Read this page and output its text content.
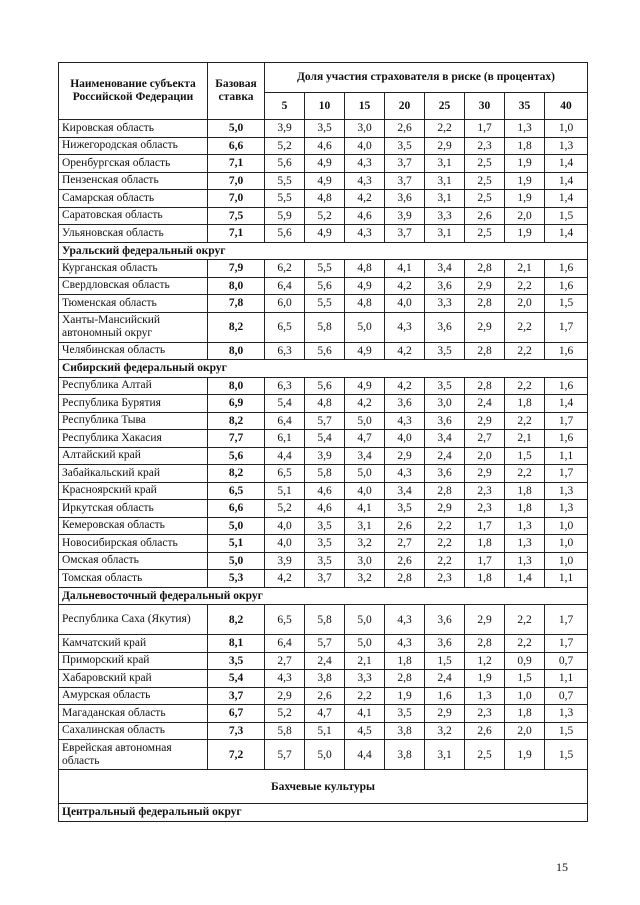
Наименование субъекта Российской Федерации	Базовая ставка	Доля участия страхователя в риске (в процентах)							
		5	10	15	20	25	30	35	40
Кировская область	5,0	3,9	3,5	3,0	2,6	2,2	1,7	1,3	1,0
Нижегородская область	6,6	5,2	4,6	4,0	3,5	2,9	2,3	1,8	1,3
Оренбургская область	7,1	5,6	4,9	4,3	3,7	3,1	2,5	1,9	1,4
Пензенская область	7,0	5,5	4,9	4,3	3,7	3,1	2,5	1,9	1,4
Самарская область	7,0	5,5	4,8	4,2	3,6	3,1	2,5	1,9	1,4
Саратовская область	7,5	5,9	5,2	4,6	3,9	3,3	2,6	2,0	1,5
Ульяновская область	7,1	5,6	4,9	4,3	3,7	3,1	2,5	1,9	1,4
Уральский федеральный округ									
Курганская область	7,9	6,2	5,5	4,8	4,1	3,4	2,8	2,1	1,6
Свердловская область	8,0	6,4	5,6	4,9	4,2	3,6	2,9	2,2	1,6
Тюменская область	7,8	6,0	5,5	4,8	4,0	3,3	2,8	2,0	1,5
Ханты-Мансийский автономный округ	8,2	6,5	5,8	5,0	4,3	3,6	2,9	2,2	1,7
Челябинская область	8,0	6,3	5,6	4,9	4,2	3,5	2,8	2,2	1,6
Сибирский федеральный округ									
Республика Алтай	8,0	6,3	5,6	4,9	4,2	3,5	2,8	2,2	1,6
Республика Бурятия	6,9	5,4	4,8	4,2	3,6	3,0	2,4	1,8	1,4
Республика Тыва	8,2	6,4	5,7	5,0	4,3	3,6	2,9	2,2	1,7
Республика Хакасия	7,7	6,1	5,4	4,7	4,0	3,4	2,7	2,1	1,6
Алтайский край	5,6	4,4	3,9	3,4	2,9	2,4	2,0	1,5	1,1
Забайкальский край	8,2	6,5	5,8	5,0	4,3	3,6	2,9	2,2	1,7
Красноярский край	6,5	5,1	4,6	4,0	3,4	2,8	2,3	1,8	1,3
Иркутская область	6,6	5,2	4,6	4,1	3,5	2,9	2,3	1,8	1,3
Кемеровская область	5,0	4,0	3,5	3,1	2,6	2,2	1,7	1,3	1,0
Новосибирская область	5,1	4,0	3,5	3,2	2,7	2,2	1,8	1,3	1,0
Омская область	5,0	3,9	3,5	3,0	2,6	2,2	1,7	1,3	1,0
Томская область	5,3	4,2	3,7	3,2	2,8	2,3	1,8	1,4	1,1
Дальневосточный федеральный округ									
Республика Саха (Якутия)	8,2	6,5	5,8	5,0	4,3	3,6	2,9	2,2	1,7
Камчатский край	8,1	6,4	5,7	5,0	4,3	3,6	2,8	2,2	1,7
Приморский край	3,5	2,7	2,4	2,1	1,8	1,5	1,2	0,9	0,7
Хабаровский край	5,4	4,3	3,8	3,3	2,8	2,4	1,9	1,5	1,1
Амурская область	3,7	2,9	2,6	2,2	1,9	1,6	1,3	1,0	0,7
Магаданская область	6,7	5,2	4,7	4,1	3,5	2,9	2,3	1,8	1,3
Сахалинская область	7,3	5,8	5,1	4,5	3,8	3,2	2,6	2,0	1,5
Еврейская автономная область	7,2	5,7	5,0	4,4	3,8	3,1	2,5	1,9	1,5
Бахчевые культуры									
Центральный федеральный округ									
15
